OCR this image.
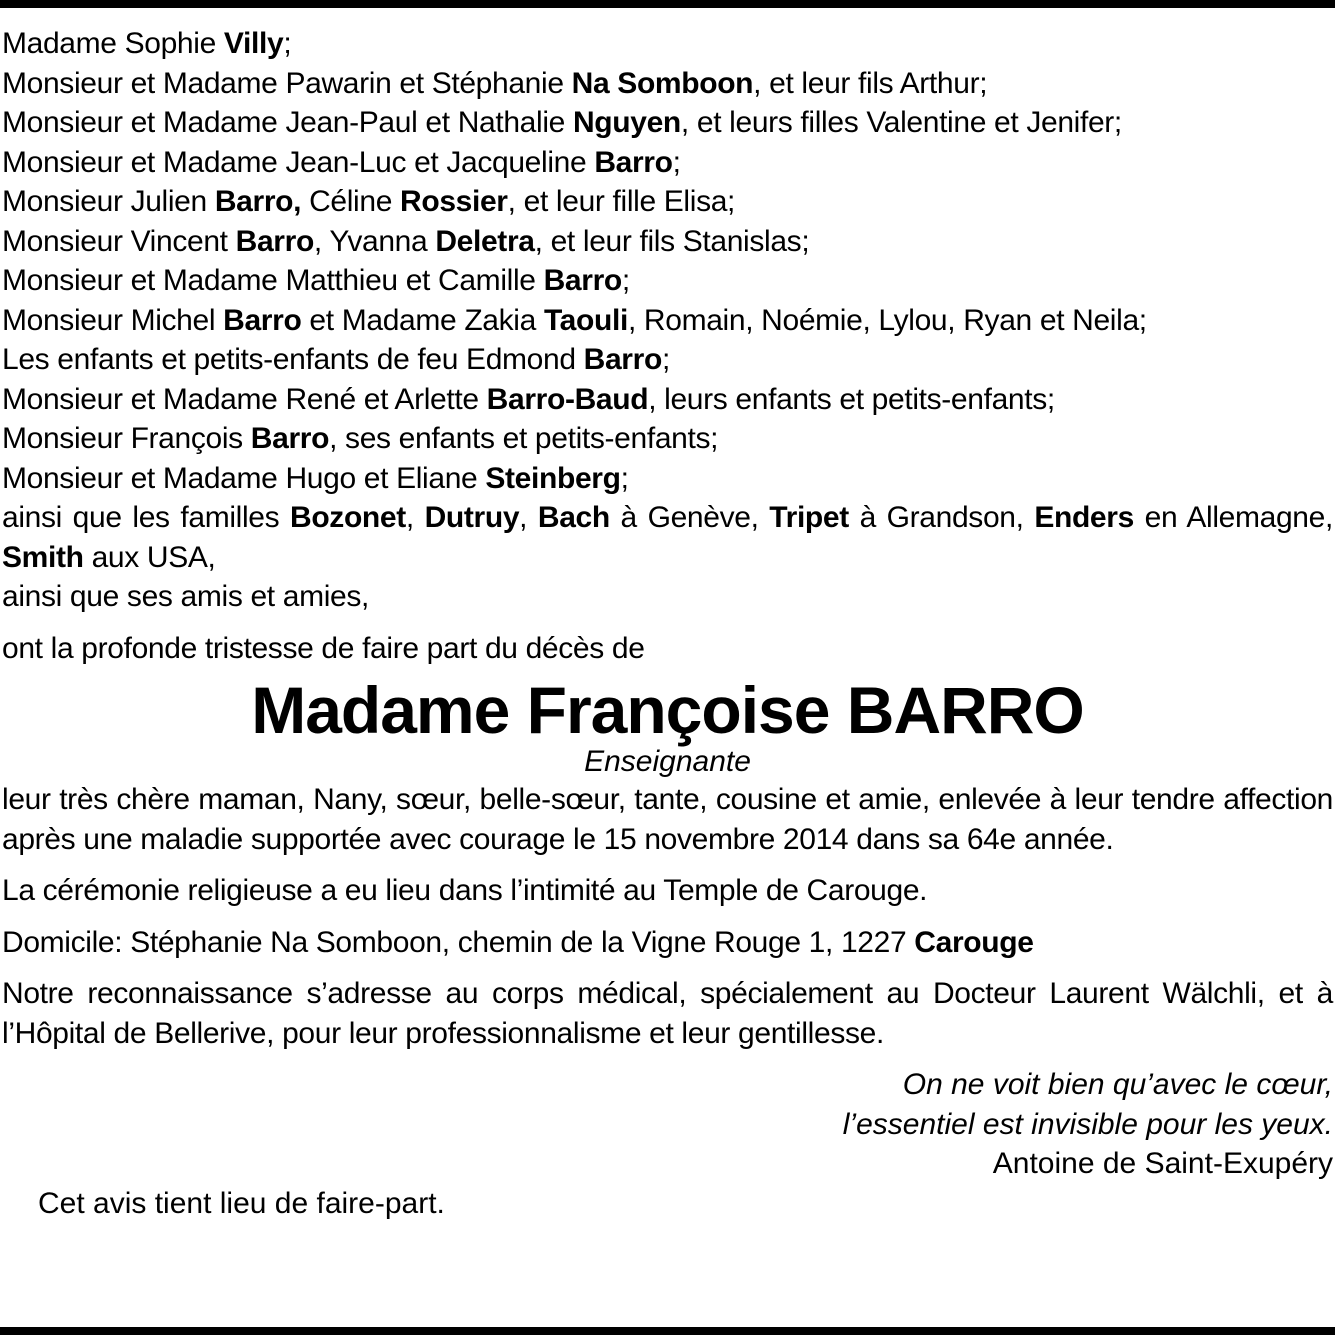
Madame Sophie Villy;
Monsieur et Madame Pawarin et Stéphanie Na Somboon, et leur fils Arthur;
Monsieur et Madame Jean-Paul et Nathalie Nguyen, et leurs filles Valentine et Jenifer;
Monsieur et Madame Jean-Luc et Jacqueline Barro;
Monsieur Julien Barro, Céline Rossier, et leur fille Elisa;
Monsieur Vincent Barro, Yvanna Deletra, et leur fils Stanislas;
Monsieur et Madame Matthieu et Camille Barro;
Monsieur Michel Barro et Madame Zakia Taouli, Romain, Noémie, Lylou, Ryan et Neila;
Les enfants et petits-enfants de feu Edmond Barro;
Monsieur et Madame René et Arlette Barro-Baud, leurs enfants et petits-enfants;
Monsieur François Barro, ses enfants et petits-enfants;
Monsieur et Madame Hugo et Eliane Steinberg;
ainsi que les familles Bozonet, Dutruy, Bach à Genève, Tripet à Grandson, Enders en Allemagne, Smith aux USA,
ainsi que ses amis et amies,
ont la profonde tristesse de faire part du décès de
Madame Françoise BARRO
Enseignante
leur très chère maman, Nany, sœur, belle-sœur, tante, cousine et amie, enlevée à leur tendre affection après une maladie supportée avec courage le 15 novembre 2014 dans sa 64e année.
La cérémonie religieuse a eu lieu dans l’intimité au Temple de Carouge.
Domicile: Stéphanie Na Somboon, chemin de la Vigne Rouge 1, 1227 Carouge
Notre reconnaissance s’adresse au corps médical, spécialement au Docteur Laurent Wälchli, et à l’Hôpital de Bellerive, pour leur professionnalisme et leur gentillesse.
On ne voit bien qu’avec le cœur,
l’essentiel est invisible pour les yeux.
Antoine de Saint-Exupéry
Cet avis tient lieu de faire-part.
